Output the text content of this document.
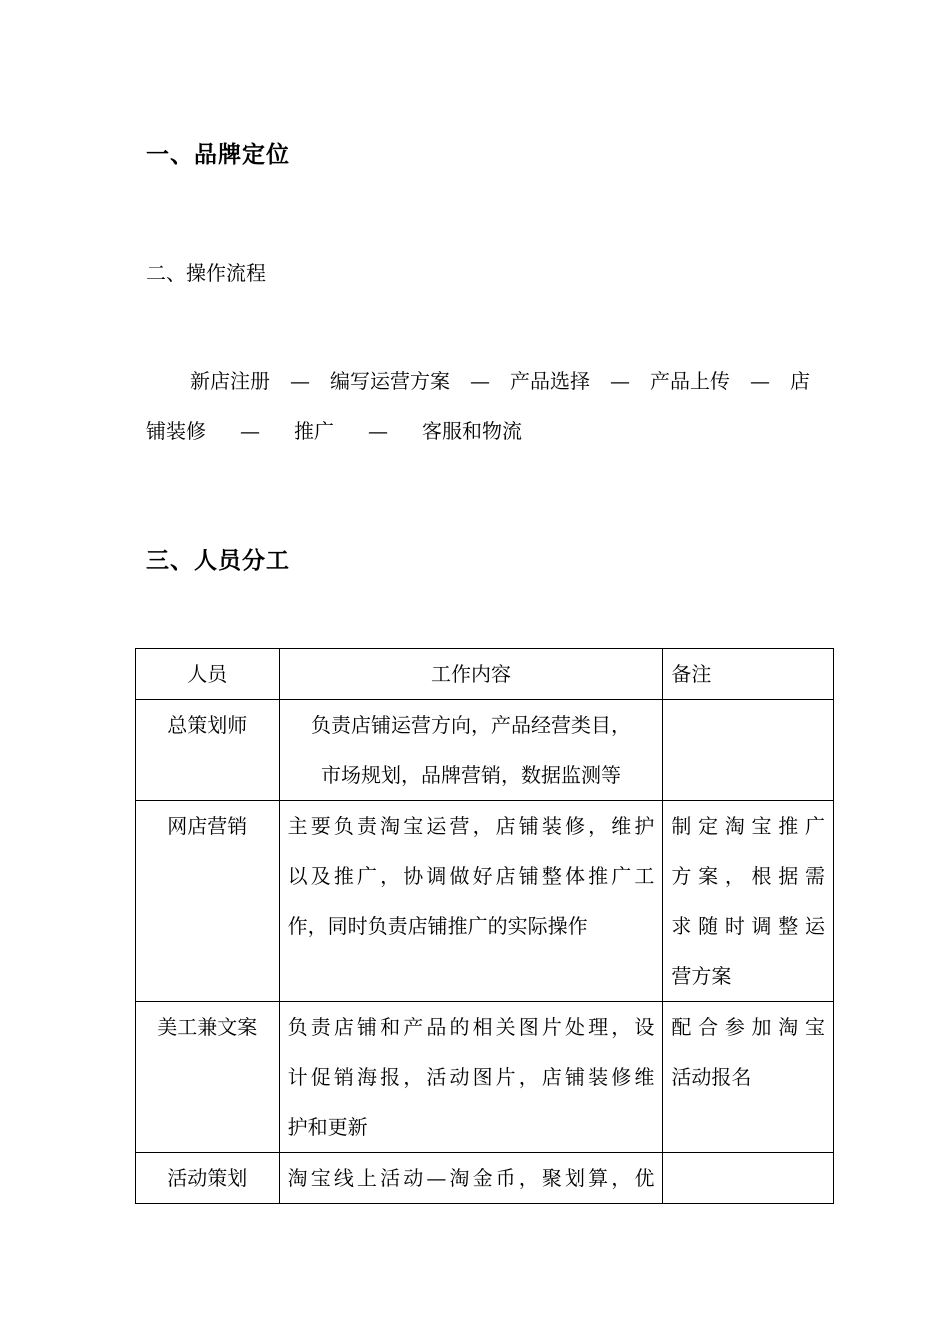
一、品牌定位
二、操作流程
新店注册 — 编写运营方案 — 产品选择 — 产品上传 — 店
铺装修 — 推广 — 客服和物流
三、人员分工
人员	工作内容	备注
总策划师	负责店铺运营方向，产品经营类目，
市场规划，品牌营销，数据监测等	

网店营销	主要负责淘宝运营，店铺装修，维护
以及推广，协调做好店铺整体推广工
作，同时负责店铺推广的实际操作	制定淘宝推广
方案，根据需
求随时调整运
营方案

美工兼文案	负责店铺和产品的相关图片处理，设
计促销海报，活动图片，店铺装修维
护和更新	配合参加淘宝
活动报名

活动策划	淘宝线上活动—淘金币，聚划算，优	
